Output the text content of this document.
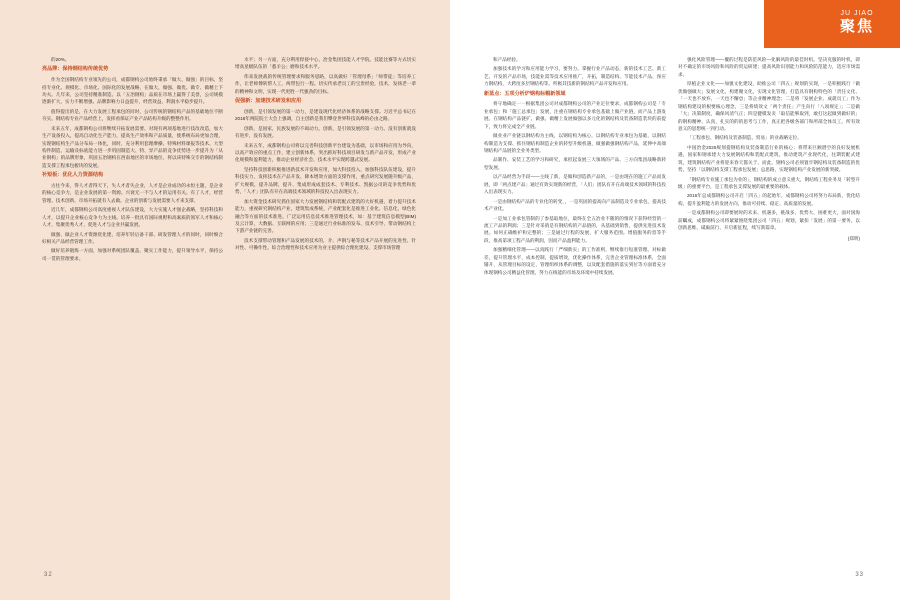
的20%。

亮品牌：保持钢结构传统优势

作为全国钢结构专业领先的公司，成都钢构公司始终秉承「做大、做强」的目标，坚持专业化、规模化、市场化、国际化的发展战略，在做大、做强、做优、做专、做精上下功夫。几年来，公司坚持精准制造、以「五冶钢构」品质在市场上赢得了美誉，公司规模逐渐扩大，实力不断增强、品牌影响力日益提升，经营效益、利润水平稳步提升。

值得提出的是，在大力发展工程承包的同时，公司传统的钢结构产品的基础地位不断夯实。钢结构专业产品经营上，发挥看保证产业产品结构升级的整整作用。

未来五年，成都钢构公司将继续开拓发展需要。对现有两项基地进行技改改造，加大生产设备投入，提高自动化生产能力，提高生产效率和产品质量，使系统布局更加合理，实现钢结构生产品分布局一体化，同时，充分利用套理摩操、特殊材料课报等技术、大型构件制造、运输及标底能力进一步巩固制造大、特、异产品的竞争优势进一步提升为「从业钢构」的品牌形象，巩固五冶钢构在西南地区的市场地位，将以该特殊交专的钢结构制造支撑工程承包板块的发展。

补短板：优化人力资源结构

古往今来，得人才者得天下，失人才者失企业，人才是企业成功的永恒主题，是企业的核心竞争力，是企业发展的第一资源。兴衰无一不与人才的运用有关。有了人才，经营管理、技术创新、市场开拓就有人去做。企业的创新与发展需要人才来支撑。

近几年，成都钢构公司高度重视人才队伍建设，大力实施人才强企战略，坚持科技和人才，以提升企业核心竞争力为主线。培养一批具有国际视野和高素质的领军人才和核心人才，集聚优秀人才，促进人才与企业共赢发展。

做强、做企业人才资源优化建、培养年轻后备干部、研发管理人才的同时，同时细合好相关产品经营管理工作。

做好培养锻炼一方面，加强对系统团队覆盖、聚实工作能力，提升领导水平，保持公司一贯的管理要求。

水平；另一方面，充分利用焊接中心、冶金集团技能人才学院、技能比赛等方式切实增高星级队伍的「悉羊公」磨和技术水平。

伟来发展战的传统管理要求和服务思路，以高做好「管理母系」「师带徒」等培养工作，让老师傅转帮人工，两带包行一程。切实传承老员工的宝贵经验，技术，发扬老一辈的精神和文明，实现一代更胜一代强劲的目标。

促强新：加速技术研发和应用

创新，是引领发展的第一动力，是建设现代化经济体系的战略支撑。习近平总书记在2018年两院院士大会上强调，自主创新是我们攀登世界科技高峰的必由之路。

创新，是国家，民族发展的不竭动力。创新，是引领发展的第一动力。没有创新就没有进步，没有发展。

未来五年，成都钢构公司将以完善科技创新平台建设为基础，以市场和应用为导向，以高产效应的重点工作，建立创新体系，突出抓好科技项目研发与新产品开发，形成产业化规模和盈利能力，推动企业经济社会、技术水平实现跨越式发展。

坚持科技创新积极推进新技术开发和应用，加大科技投入，加强科技队伍建设，提升科技实力，发挥技术在产品开发、降本增效方面的支撑作用，重点研究发展随升级产品，扩大规模，提升品牌，提升、集成形成成套技术、专利技术、凯据公司的竞争优势和优势，「人才」团队有开在高端技术领域的科技投入出表现实力。

加大资金技术研究抓住国家大力发展钢结构和装配式建筑的大好机遇，着力提升技术能力，重视研究钢结构产业，建筑集成系统，产业配套化是推进工业化、信息化、绿色化融合等方面的技术准进。广泛运用信息技术推进管理技术，如：基于建筑信息模型(BIM)及云计算，大数据、互联网的应用；三是通过行业标准的发布、技术引导，带动钢结构上下游产业链的完善。

技术支撑带动管理和产品发展的技术的，介、声钢与秘等技术产品开展的先进性、针对性、可操作性。综合治理性和技术应用为业主提供综合理化建设、支撑市场管理

32
JU JIAO
聚焦

和产品经验。

加强技术的学习和应用能力学习，要努力。掌握行业产品动态，新的技术工艺、新工艺，开发的产品市场，技能业需等技术应用推广，开拓，制造结构、节能技术产品、预应力钢结构，大跨度多层钢结构等。所极其技新的钢结构产品开发和应用。

新蓝点：五项分析炉钢构标帽新领域

将守地确定一一根据集团公司对成都钢构公司的产业定位要求，成都钢构公司是「专业承包」和「施工总承包」发展，注重在钢结构专业承包基础上做产业链，而产品上游发展。在钢结构产品链扩、做强、做精上发展做强以多元化的钢结构及装备制造装块的前提下，致力将完成全产业链。

做业业产业链以钢结构为主线，以钢结构为核心，以钢结构专业承包为基础，以钢结构制造为支撑、抓住钢结构制造企业的转型升级机遇，做强做强钢结构产品，延伸中高端钢结构产品链的全业务类型。

品制作、安装工艺的学习和研究，承担起发展三大领域的产品、三方向集团战略新转型发展。

以产品经营为手段——主线了新，是做和创造新产品的，一是由现在的施工产品而发展，即「两点建产品」通过有效实现新的经营，「人们」团队有开在高端技术领域的科技投入出表现实力。

一是由钢结构产品的专业化的转变，，一是巩固的提高向产品制造及专业承包，提高技术产业化。

一是加工业承包管制的了参基取地位，最终在全五冶业不随的的情况下获得经营的一流工产品的利润；三是针对采销是有钢结构的产品链的，从基础到销售，提供先进技术发展。如何正确维护和完整的；三是通过行程的发展，扩大服务范围。增值服务的容等手段，推高第项工程产品的利润，因而产品盈利能力。

加强精细化管理——以真践行「严细新实」的工作准则，继续推行短准管理。对标做差，提升管理水平，成本控制，提质增效，优化操作体系，完善企业管理标准体系，全面铺开，从管理目标的设定，管理组织体系的调整，以及配套措施的落实到位等方面着充分体现钢构公司精益化管理，努力在线能的市场及环境中持续发展。

强化风险管理——覆的过程是防范风险—化解风险的最佳时机。坚决克服的时机，即对不确定的市场风险和风险的贸运研建；提高风险识别能力和风险防范能力，适应市场需求。

厚植企业文化——加强文化建设，助推公司「四五」规划的实现，一是积极践行「做优做强做大」发展文化，构建聚文化，实现文化管理，打造具有钢构特色的「责任文化、「一天也不放弃、一天也不懈怠」等企业精神理念；二是将「发展企业、成就员工」作为钢结构建设的根要核心理念，三是将绩效文「两个责任」产生向行「八项规定」；二是做「大」决策制度，确保风清气正；四是健模发炎「取信能够取到，敢打这起做到做好的」的钢构精神、认真，扎实的的的思考与工作，真正把各级各部门和所部全体员工，所有效意义的思想统一到行动。

「工程承包、钢结构及装备制造、贸易」的业战略定位。

中国冶金2025规划提钢结构及装备制造行业的核心；将带来巨额潜空的良好发展机遇，国家和钢承建大力发展钢结构和装配式建筑，推动建筑产业现代化，往期装配式建筑，建筑钢结构产业将迎来春天都关于、而此，钢构公司必须置牢钢结构及装备制造的优势，坚持「以钢结构支撑工程承包发展」总思路，实现钢结构产业发展的新突破。

「钢结构专业施工承包为业的」，钢结构的成立意义重大，钢结构工程业务及「转型升级」的重要平台，是工程承包支撑发展的最重要的载体。

2016年总成都钢构公司开启「四五」的起始年，成都钢构公司将努力布局新，优化结构、提升盈利能力的发展方向，推动可持续、稳定、高质量的发展。

一是成都钢构公司即要展时的未来、机遇多，挑战多、优势大、困难更大，面对国海前瞩成，成都钢构公司将紧紧围绕集团公司「四五」规划，紧扣「发展」的第一要务，以创新思维、砥砺前行、开启新征程，续写新篇章。

(郑明)
33
